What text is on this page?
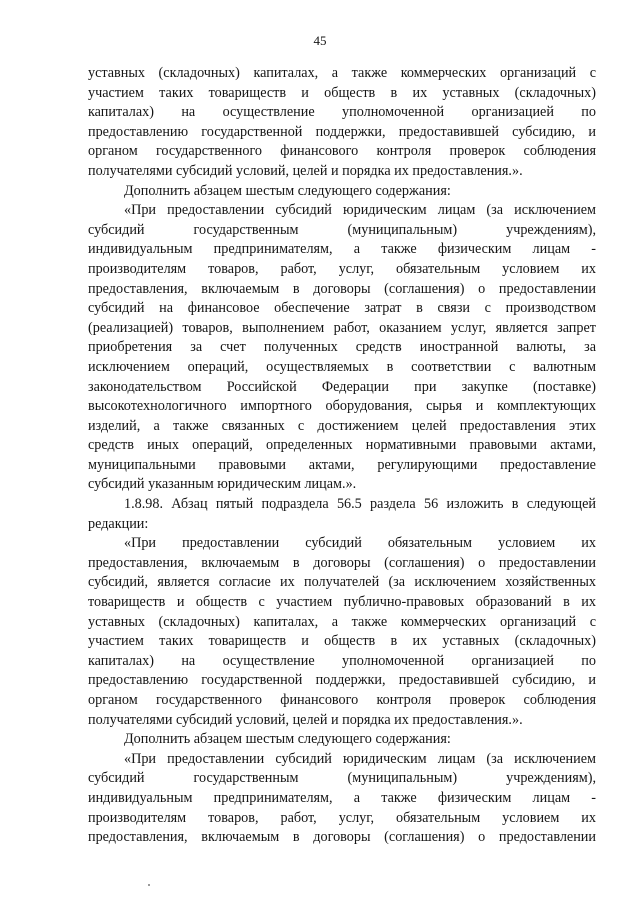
45
уставных (складочных) капиталах, а также коммерческих организаций с
участием таких товариществ и обществ в их уставных (складочных)
капиталах) на осуществление уполномоченной организацией по
предоставлению государственной поддержки, предоставившей субсидию, и
органом государственного финансового контроля проверок соблюдения
получателями субсидий условий, целей и порядка их предоставления.».
Дополнить абзацем шестым следующего содержания:
«При предоставлении субсидий юридическим лицам (за исключением
субсидий государственным (муниципальным) учреждениям),
индивидуальным предпринимателям, а также физическим лицам -
производителям товаров, работ, услуг, обязательным условием их
предоставления, включаемым в договоры (соглашения) о предоставлении
субсидий на финансовое обеспечение затрат в связи с производством
(реализацией) товаров, выполнением работ, оказанием услуг, является запрет
приобретения за счет полученных средств иностранной валюты, за
исключением операций, осуществляемых в соответствии с валютным
законодательством Российской Федерации при закупке (поставке)
высокотехнологичного импортного оборудования, сырья и комплектующих
изделий, а также связанных с достижением целей предоставления этих
средств иных операций, определенных нормативными правовыми актами,
муниципальными правовыми актами, регулирующими предоставление
субсидий указанным юридическим лицам.».
1.8.98. Абзац пятый подраздела 56.5 раздела 56 изложить в следующей
редакции:
«При предоставлении субсидий обязательным условием их
предоставления, включаемым в договоры (соглашения) о предоставлении
субсидий, является согласие их получателей (за исключением хозяйственных
товариществ и обществ с участием публично-правовых образований в их
уставных (складочных) капиталах, а также коммерческих организаций с
участием таких товариществ и обществ в их уставных (складочных)
капиталах) на осуществление уполномоченной организацией по
предоставлению государственной поддержки, предоставившей субсидию, и
органом государственного финансового контроля проверок соблюдения
получателями субсидий условий, целей и порядка их предоставления.».
Дополнить абзацем шестым следующего содержания:
«При предоставлении субсидий юридическим лицам (за исключением
субсидий государственным (муниципальным) учреждениям),
индивидуальным предпринимателям, а также физическим лицам -
производителям товаров, работ, услуг, обязательным условием их
предоставления, включаемым в договоры (соглашения) о предоставлении
